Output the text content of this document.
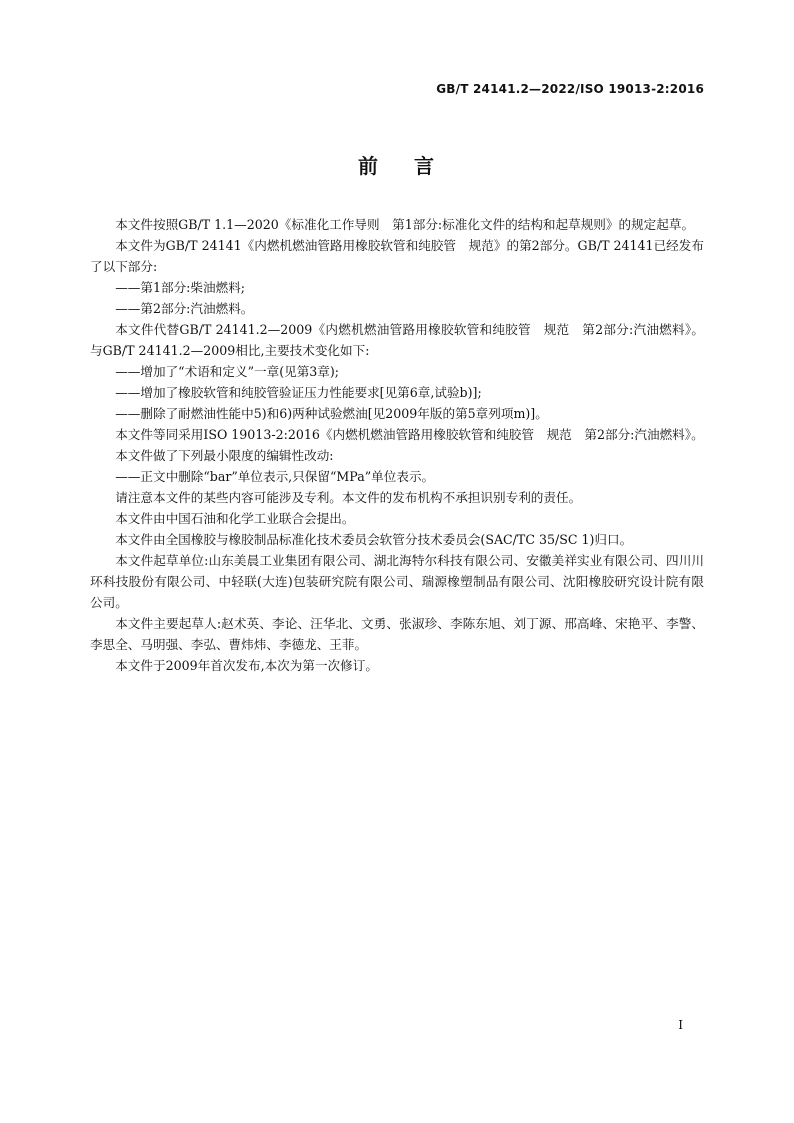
GB/T 24141.2—2022/ISO 19013-2:2016
前 言

本文件按照GB/T 1.1—2020《标准化工作导则　第1部分:标准化文件的结构和起草规则》的规定起草。

本文件为GB/T 24141《内燃机燃油管路用橡胶软管和纯胶管　规范》的第2部分。GB/T 24141已经发布了以下部分:

——第1部分:柴油燃料;

——第2部分:汽油燃料。

本文件代替GB/T 24141.2—2009《内燃机燃油管路用橡胶软管和纯胶管　规范　第2部分:汽油燃料》。与GB/T 24141.2—2009相比,主要技术变化如下:

——增加了“术语和定义”一章(见第3章);

——增加了橡胶软管和纯胶管验证压力性能要求[见第6章,试验b)];

——删除了耐燃油性能中5)和6)两种试验燃油[见2009年版的第5章列项m)]。

本文件等同采用ISO 19013-2:2016《内燃机燃油管路用橡胶软管和纯胶管　规范　第2部分:汽油燃料》。

本文件做了下列最小限度的编辑性改动:

——正文中删除“bar”单位表示,只保留“MPa”单位表示。

请注意本文件的某些内容可能涉及专利。本文件的发布机构不承担识别专利的责任。

本文件由中国石油和化学工业联合会提出。

本文件由全国橡胶与橡胶制品标准化技术委员会软管分技术委员会(SAC/TC 35/SC 1)归口。

本文件起草单位:山东美晨工业集团有限公司、湖北海特尔科技有限公司、安徽美祥实业有限公司、四川川环科技股份有限公司、中轻联(大连)包装研究院有限公司、瑞源橡塑制品有限公司、沈阳橡胶研究设计院有限公司。

本文件主要起草人:赵术英、李论、汪华北、文勇、张淑珍、李陈东旭、刘丁源、邢高峰、宋艳平、李警、李思全、马明强、李弘、曹炜炜、李德龙、王菲。

本文件于2009年首次发布,本次为第一次修订。

I
